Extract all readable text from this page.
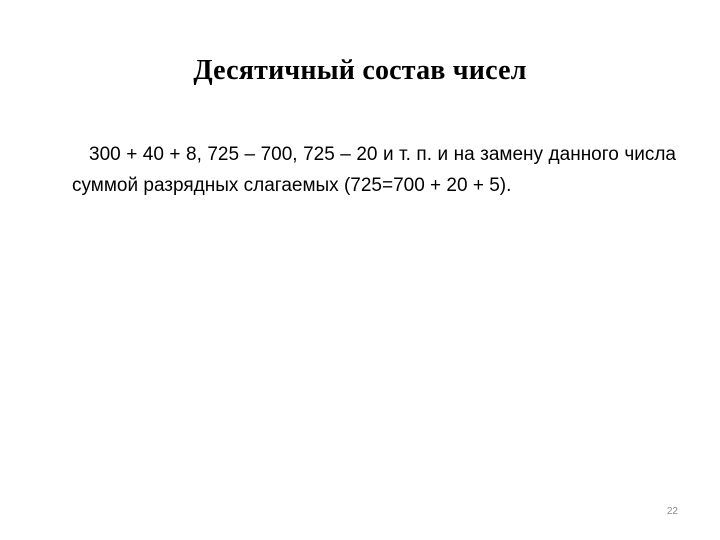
Десятичный состав чисел

300 + 40 + 8, 725 – 700, 725 – 20 и т. п. и на замену данного числа суммой разрядных слагаемых (725=700 + 20 + 5).

22
